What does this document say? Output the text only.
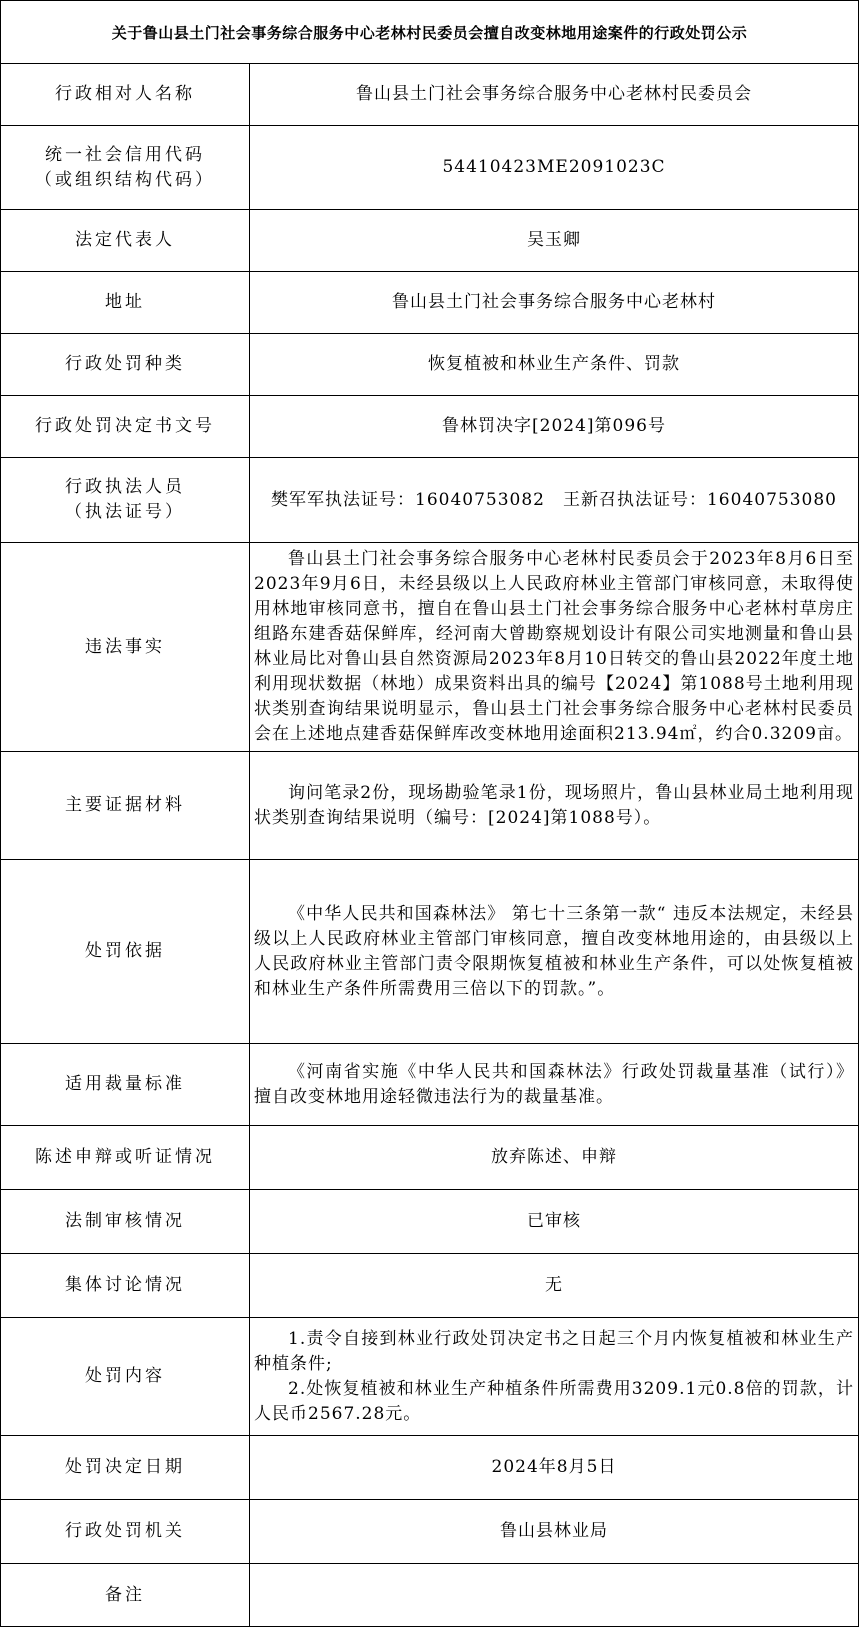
关于鲁山县土门社会事务综合服务中心老林村民委员会擅自改变林地用途案件的行政处罚公示
行政相对人名称	鲁山县土门社会事务综合服务中心老林村民委员会

统一社会信用代码
（或组织结构代码）	54410423ME2091023C
法定代表人	吴玉卿
地址	鲁山县土门社会事务综合服务中心老林村
行政处罚种类	恢复植被和林业生产条件、罚款
行政处罚决定书文号	鲁林罚决字[2024]第096号

行政执法人员
（执法证号）	樊军军执法证号：16040753082　王新召执法证号：16040753080
违法事实	鲁山县土门社会事务综合服务中心老林村民委员会于2023年8月6日至2023年9月6日，未经县级以上人民政府林业主管部门审核同意，未取得使用林地审核同意书，擅自在鲁山县土门社会事务综合服务中心老林村草房庄组路东建香菇保鲜库，经河南大曾勘察规划设计有限公司实地测量和鲁山县林业局比对鲁山县自然资源局2023年8月10日转交的鲁山县2022年度土地利用现状数据（林地）成果资料出具的编号【2024】第1088号土地利用现状类别查询结果说明显示，鲁山县土门社会事务综合服务中心老林村民委员会在上述地点建香菇保鲜库改变林地用途面积213.94㎡，约合0.3209亩。

主要证据材料	询问笔录2份，现场勘验笔录1份，现场照片，鲁山县林业局土地利用现状类别查询结果说明（编号：[2024]第1088号）。

处罚依据	《中华人民共和国森林法》 第七十三条第一款“ 违反本法规定，未经县级以上人民政府林业主管部门审核同意，擅自改变林地用途的，由县级以上人民政府林业主管部门责令限期恢复植被和林业生产条件，可以处恢复植被和林业生产条件所需费用三倍以下的罚款。”。

适用裁量标准	《河南省实施《中华人民共和国森林法》行政处罚裁量基准（试行）》擅自改变林地用途轻微违法行为的裁量基准。

陈述申辩或听证情况	放弃陈述、申辩
法制审核情况	已审核
集体讨论情况	无
处罚内容	1.责令自接到林业行政处罚决定书之日起三个月内恢复植被和林业生产种植条件;

2.处恢复植被和林业生产种植条件所需费用3209.1元0.8倍的罚款，计人民币2567.28元。

处罚决定日期	2024年8月5日
行政处罚机关	鲁山县林业局
备注	
